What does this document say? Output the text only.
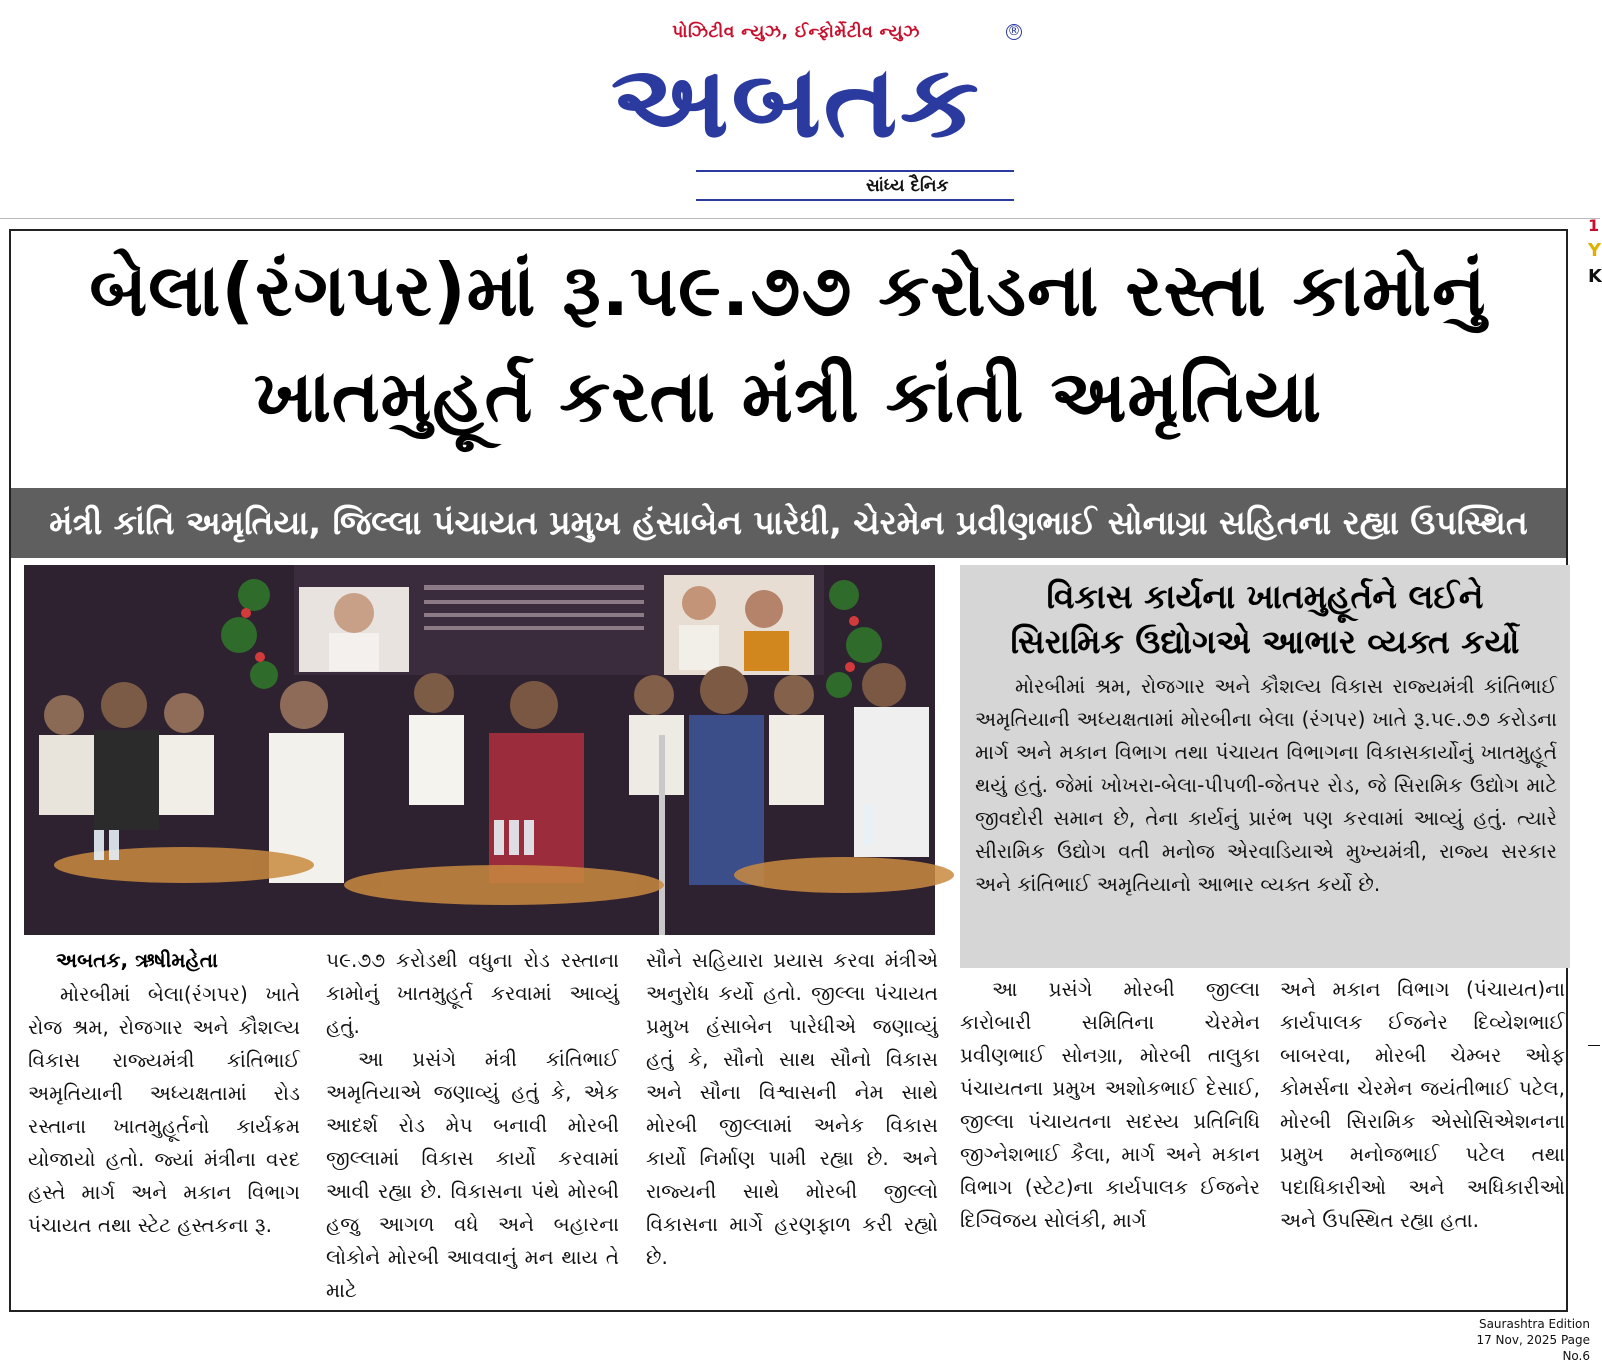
પોઝિટીવ ન્યુઝ, ઈન્ફોર્મેટીવ ન્યુઝ
અબતક
®
સાંધ્ય દૈનિક
1
Y
K
બેલા(રંગપર)માં રૂ.૫૯.૭૭ કરોડના રસ્તા કામોનું
ખાતમુહૂર્ત કરતા મંત્રી કાંતી અમૃતિયા
મંત્રી કાંતિ અમૃતિયા, જિલ્લા પંચાયત પ્રમુખ હંસાબેન પારેધી, ચેરમેન પ્રવીણભાઈ સોનાગ્રા સહિતના રહ્યા ઉપસ્થિત
વિકાસ કાર્યના ખાતમુહૂર્તને લઈને
સિરામિક ઉદ્યોગએ આભાર વ્યક્ત કર્યો
મોરબીમાં શ્રમ, રોજગાર અને કૌશલ્ય વિકાસ રાજ્યમંત્રી કાંતિભાઈ અમૃતિયાની અધ્યક્ષતામાં મોરબીના બેલા (રંગપર) ખાતે રૂ.૫૯.૭૭ કરોડના માર્ગ અને મકાન વિભાગ તથા પંચાયત વિભાગના વિકાસકાર્યોનું ખાતમુહૂર્ત થયું હતું. જેમાં ખોખરા-બેલા-પીપળી-જેતપર રોડ, જે સિરામિક ઉદ્યોગ માટે જીવદોરી સમાન છે, તેના કાર્યનું પ્રારંભ પણ કરવામાં આવ્યું હતું. ત્યારે સીરામિક ઉદ્યોગ વતી મનોજ એરવાડિયાએ મુખ્યમંત્રી, રાજ્ય સરકાર અને કાંતિભાઈ અમૃતિયાનો આભાર વ્યક્ત કર્યો છે.
અબતક, ઋષીમહેતા
મોરબીમાં બેલા(રંગપર) ખાતે રોજ શ્રમ, રોજગાર અને કૌશલ્ય વિકાસ રાજ્યમંત્રી કાંતિભાઈ અમૃતિયાની અધ્યક્ષતામાં રોડ રસ્તાના ખાતમુહૂર્તનો કાર્યક્રમ યોજાયો હતો. જ્યાં મંત્રીના વરદ હસ્તે માર્ગ અને મકાન વિભાગ પંચાયત તથા સ્ટેટ હસ્તકના રૂ.

૫૯.૭૭ કરોડથી વધુના રોડ રસ્તાના કામોનું ખાતમુહૂર્ત કરવામાં આવ્યું હતું.

આ પ્રસંગે મંત્રી કાંતિભાઈ અમૃતિયાએ જણાવ્યું હતું કે, એક આદર્શ રોડ મેપ બનાવી મોરબી જીલ્લામાં વિકાસ કાર્યો કરવામાં આવી રહ્યા છે. વિકાસના પંથે મોરબી હજુ આગળ વધે અને બહારના લોકોને મોરબી આવવાનું મન થાય તે માટે

સૌને સહિયારા પ્રયાસ કરવા મંત્રીએ અનુરોધ કર્યો હતો. જીલ્લા પંચાયત પ્રમુખ હંસાબેન પારેધીએ જણાવ્યું હતું કે, સૌનો સાથ સૌનો વિકાસ અને સૌના વિશ્વાસની નેમ સાથે મોરબી જીલ્લામાં અનેક વિકાસ કાર્યો નિર્માણ પામી રહ્યા છે. અને રાજ્યની સાથે મોરબી જીલ્લો વિકાસના માર્ગે હરણફાળ કરી રહ્યો છે.

આ પ્રસંગે મોરબી જીલ્લા કારોબારી સમિતિના ચેરમેન પ્રવીણભાઈ સોનગ્રા, મોરબી તાલુકા પંચાયતના પ્રમુખ અશોકભાઈ દેસાઈ, જીલ્લા પંચાયતના સદસ્ય પ્રતિનિધિ જીગ્નેશભાઈ કૈલા, માર્ગ અને મકાન વિભાગ (સ્ટેટ)ના કાર્યપાલક ઈજનેર દિગ્વિજય સોલંકી, માર્ગ

અને મકાન વિભાગ (પંચાયત)ના કાર્યપાલક ઈજનેર દિવ્યેશભાઈ બાબરવા, મોરબી ચેમ્બર ઓફ કોમર્સના ચેરમેન જયંતીભાઈ પટેલ, મોરબી સિરામિક એસોસિએશનના પ્રમુખ મનોજભાઈ પટેલ તથા પદાધિકારીઓ અને અધિકારીઓ અને ઉપસ્થિત રહ્યા હતા.

Saurashtra Edition
17 Nov, 2025 Page No.6
